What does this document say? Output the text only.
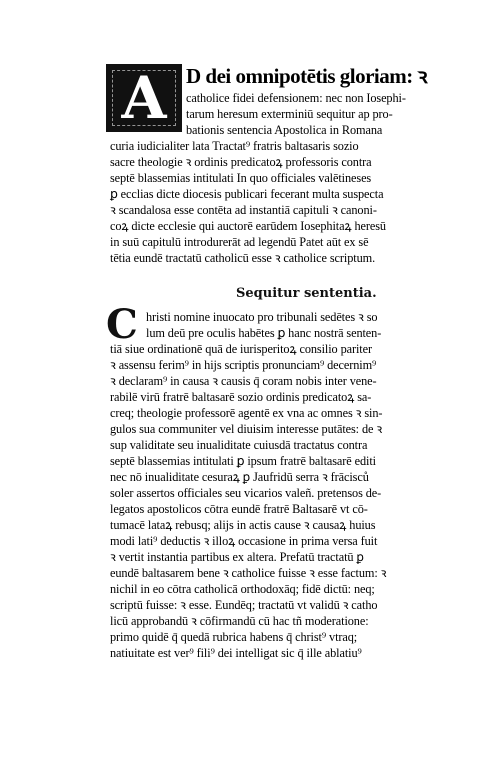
A D dei omnipotētis gloriam: ꝛ
catholice fidei defensionem: nec non Iosephi-
tarum heresum exterminiū sequitur ap pro-
bationis sentencia Apostolica in Romana
curia iudicialiter lata Tractat⁹ fratris baltasaris sozio
sacre theologie ꝛ ordinis predicatoꝝ professoris contra
septē blassemias intitulati In quo officiales valētineses
ꝑ ecclias dicte diocesis publicari fecerant multa suspecta
ꝛ scandalosa esse contēta ad instantiā capituli ꝛ canoni-
coꝝ dicte ecclesie qui auctorē earūdem Iosephitaꝝ heresū
in suū capitulū introdurerāt ad legendū Patet aūt ex sē
tētia eundē tractatū catholicū esse ꝛ catholice scriptum.
Sequitur sententia.
C hristi nomine inuocato pro tribunali sedētes ꝛ so
lum deū pre oculis habētes ꝑ hanc nostrā senten-
tiā siue ordinationē quā de iurisperitoꝝ consilio pariter
ꝛ assensu ferim⁹ in hijs scriptis pronunciam⁹ decernim⁹
ꝛ declaram⁹ in causa ꝛ causis q̄ coram nobis inter vene-
rabilē virū fratrē baltasarē sozio ordinis predicatoꝝ sa-
creq; theologie professorē agentē ex vna ac omnes ꝛ sin-
gulos sua communiter vel diuisim interesse putātes: de ꝛ
sup validitate seu inualiditate cuiusdā tractatus contra
septē blassemias intitulati ꝑ ipsum fratrē baltasarē editi
nec nō inualiditate cesuraꝝ ꝑ Jaufridū serra ꝛ frācisců
soler assertos officiales seu vicarios valeñ. pretensos de-
legatos apostolicos cōtra eundē fratrē Baltasarē vt cō-
tumacē lataꝝ rebusq; alijs in actis cause ꝛ causaꝝ huius
modi lati⁹ deductis ꝛ illoꝝ occasione in prima versa fuit
ꝛ vertit instantia partibus ex altera. Prefatū tractatū ꝑ
eundē baltasarem bene ꝛ catholice fuisse ꝛ esse factum: ꝛ
nichil in eo cōtra catholicā orthodoxāq; fidē dictū: neq;
scriptū fuisse: ꝛ esse. Eundēq; tractatū vt validū ꝛ catho
licū approbandū ꝛ cōfirmandū cū hac tñ moderatione:
primo quidē q̄ quedā rubrica habens q̄ christ⁹ vtraq;
natiuitate est ver⁹ fili⁹ dei intelligat sic q̄ ille ablatiu⁹
